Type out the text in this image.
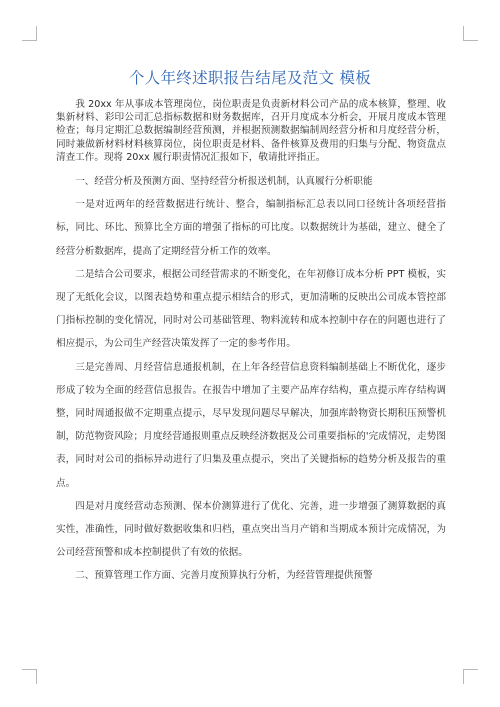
个人年终述职报告结尾及范文 模板

我 20xx 年从事成本管理岗位，岗位职责是负责新材料公司产品的成本核算，整理、收集新材料、彩印公司汇总指标数据和财务数据库，召开月度成本分析会，开展月度成本管理检查；每月定期汇总数据编制经营预测，并根据预测数据编制周经营分析和月度经营分析，同时兼做新材料材料核算岗位，岗位职责是材料、备件核算及费用的归集与分配、物资盘点清查工作。现将 20xx 履行职责情况汇报如下，敬请批评指正。

一、经营分析及预测方面、坚持经营分析报送机制，认真履行分析职能

一是对近两年的经营数据进行统计、整合，编制指标汇总表以同口径统计各项经营指标，同比、环比、预算比全方面的增强了指标的可比度。以数据统计为基础，建立、健全了经营分析数据库，提高了定期经营分析工作的效率。

二是结合公司要求，根据公司经营需求的不断变化，在年初修订成本分析 PPT 模板，实现了无纸化会议，以图表趋势和重点提示相结合的形式，更加清晰的反映出公司成本管控部门指标控制的变化情况，同时对公司基础管理、物料流转和成本控制中存在的问题也进行了相应提示，为公司生产经营决策发挥了一定的参考作用。

三是完善周、月经营信息通报机制，在上年各经营信息资料编制基础上不断优化，逐步形成了较为全面的经营信息报告。在报告中增加了主要产品库存结构，重点提示库存结构调整，同时周通报做不定期重点提示，尽早发现问题尽早解决，加强库龄物资长期积压预警机制，防范物资风险；月度经营通报则重点反映经济数据及公司重要指标的'完成情况，走势图表，同时对公司的指标异动进行了归集及重点提示，突出了关键指标的趋势分析及报告的重点。

四是对月度经营动态预测、保本价测算进行了优化、完善，进一步增强了测算数据的真实性，准确性，同时做好数据收集和归档，重点突出当月产销和当期成本预计完成情况，为公司经营预警和成本控制提供了有效的依据。

二、预算管理工作方面、完善月度预算执行分析，为经营管理提供预警
